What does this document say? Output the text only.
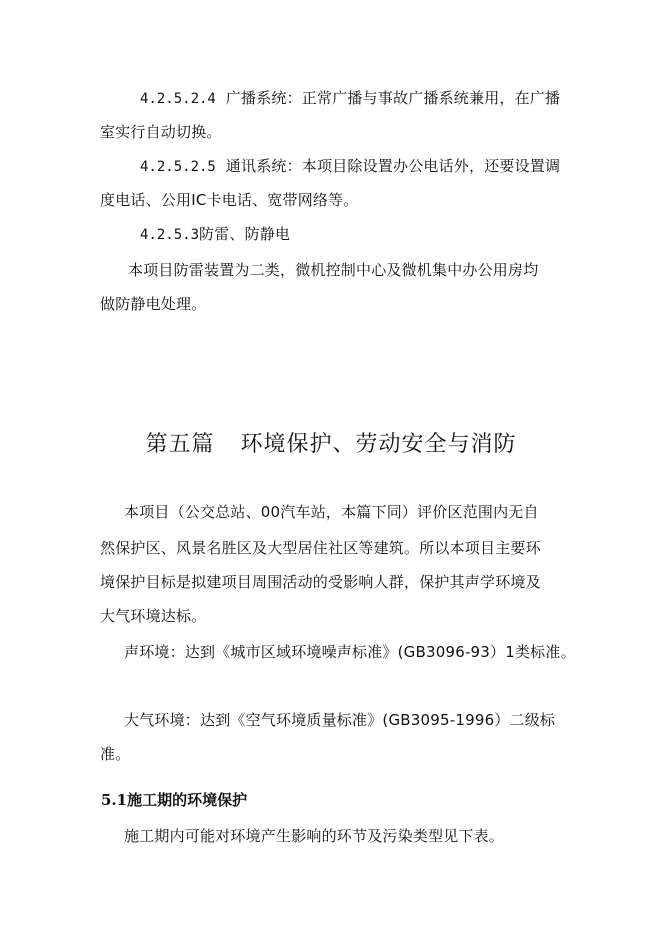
4.2.5.2.4 广播系统：正常广播与事故广播系统兼用，在广播
室实行自动切换。
4.2.5.2.5 通讯系统：本项目除设置办公电话外，还要设置调
度电话、公用IC卡电话、宽带网络等。
4.2.5.3防雷、防静电
本项目防雷装置为二类，微机控制中心及微机集中办公用房均
做防静电处理。
第五篇 环境保护、劳动安全与消防
本项目（公交总站、00汽车站，本篇下同）评价区范围内无自
然保护区、风景名胜区及大型居住社区等建筑。所以本项目主要环
境保护目标是拟建项目周围活动的受影响人群，保护其声学环境及
大气环境达标。
声环境：达到《城市区域环境噪声标准》(GB3096-93）1类标准。
大气环境：达到《空气环境质量标准》(GB3095-1996）二级标
准。
5.1施工期的环境保护
施工期内可能对环境产生影响的环节及污染类型见下表。
